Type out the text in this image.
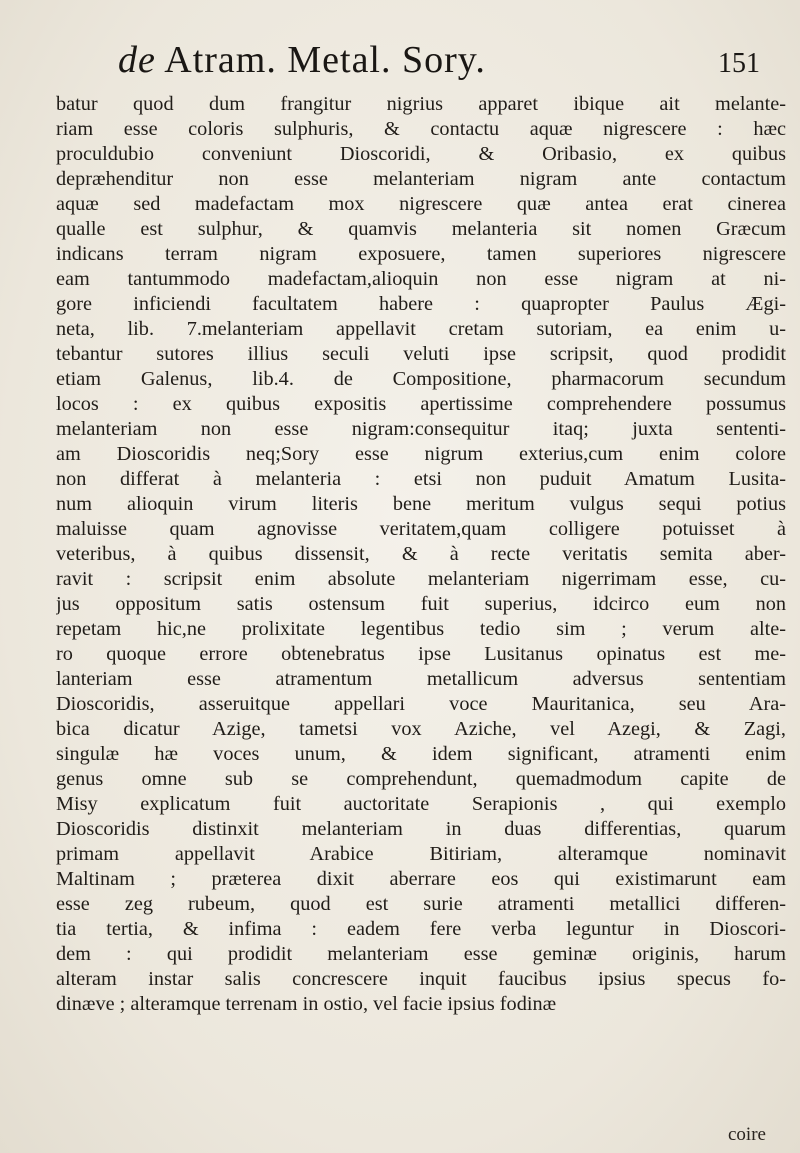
de Atram. Metal. Sory.	151
batur quod dum frangitur nigrius apparet ibique ait melante-
riam esse coloris sulphuris, & contactu aquæ nigrescere : hæc
proculdubio conveniunt Dioscoridi, & Oribasio, ex quibus
depræhenditur non esse melanteriam nigram ante contactum
aquæ sed madefactam mox nigrescere quæ antea erat cinerea
qualle est sulphur, & quamvis melanteria sit nomen Græcum
indicans terram nigram exposuere, tamen superiores nigrescere
eam tantummodo madefactam,alioquin non esse nigram at ni-
gore inficiendi facultatem habere : quapropter Paulus Ægi-
neta, lib. 7.melanteriam appellavit cretam sutoriam, ea enim u-
tebantur sutores illius seculi veluti ipse scripsit, quod prodidit
etiam Galenus, lib.4. de Compositione, pharmacorum secundum
locos : ex quibus expositis apertissime comprehendere possumus
melanteriam non esse nigram:consequitur itaq; juxta sententi-
am Dioscoridis neq;Sory esse nigrum exterius,cum enim colore
non differat à melanteria : etsi non puduit Amatum Lusita-
num alioquin virum literis bene meritum vulgus sequi potius
maluisse quam agnovisse veritatem,quam colligere potuisset à
veteribus, à quibus dissensit, & à recte veritatis semita aber-
ravit : scripsit enim absolute melanteriam nigerrimam esse, cu-
jus oppositum satis ostensum fuit superius, idcirco eum non
repetam hic,ne prolixitate legentibus tedio sim ; verum alte-
ro quoque errore obtenebratus ipse Lusitanus opinatus est me-
lanteriam esse atramentum metallicum adversus sententiam
Dioscoridis, asseruitque appellari voce Mauritanica, seu Ara-
bica dicatur Azige, tametsi vox Aziche, vel Azegi, & Zagi,
singulæ hæ voces unum, & idem significant, atramenti enim
genus omne sub se comprehendunt, quemadmodum capite de
Misy explicatum fuit auctoritate Serapionis , qui exemplo
Dioscoridis distinxit melanteriam in duas differentias, quarum
primam appellavit Arabice Bitiriam, alteramque nominavit
Maltinam ; præterea dixit aberrare eos qui existimarunt eam
esse zeg rubeum, quod est surie atramenti metallici differen-
tia tertia, & infima : eadem fere verba leguntur in Dioscori-
dem : qui prodidit melanteriam esse geminæ originis, harum
alteram instar salis concrescere inquit faucibus ipsius specus fo-
dinæve ; alteramque terrenam in ostio, vel facie ipsius fodinæ
coire
